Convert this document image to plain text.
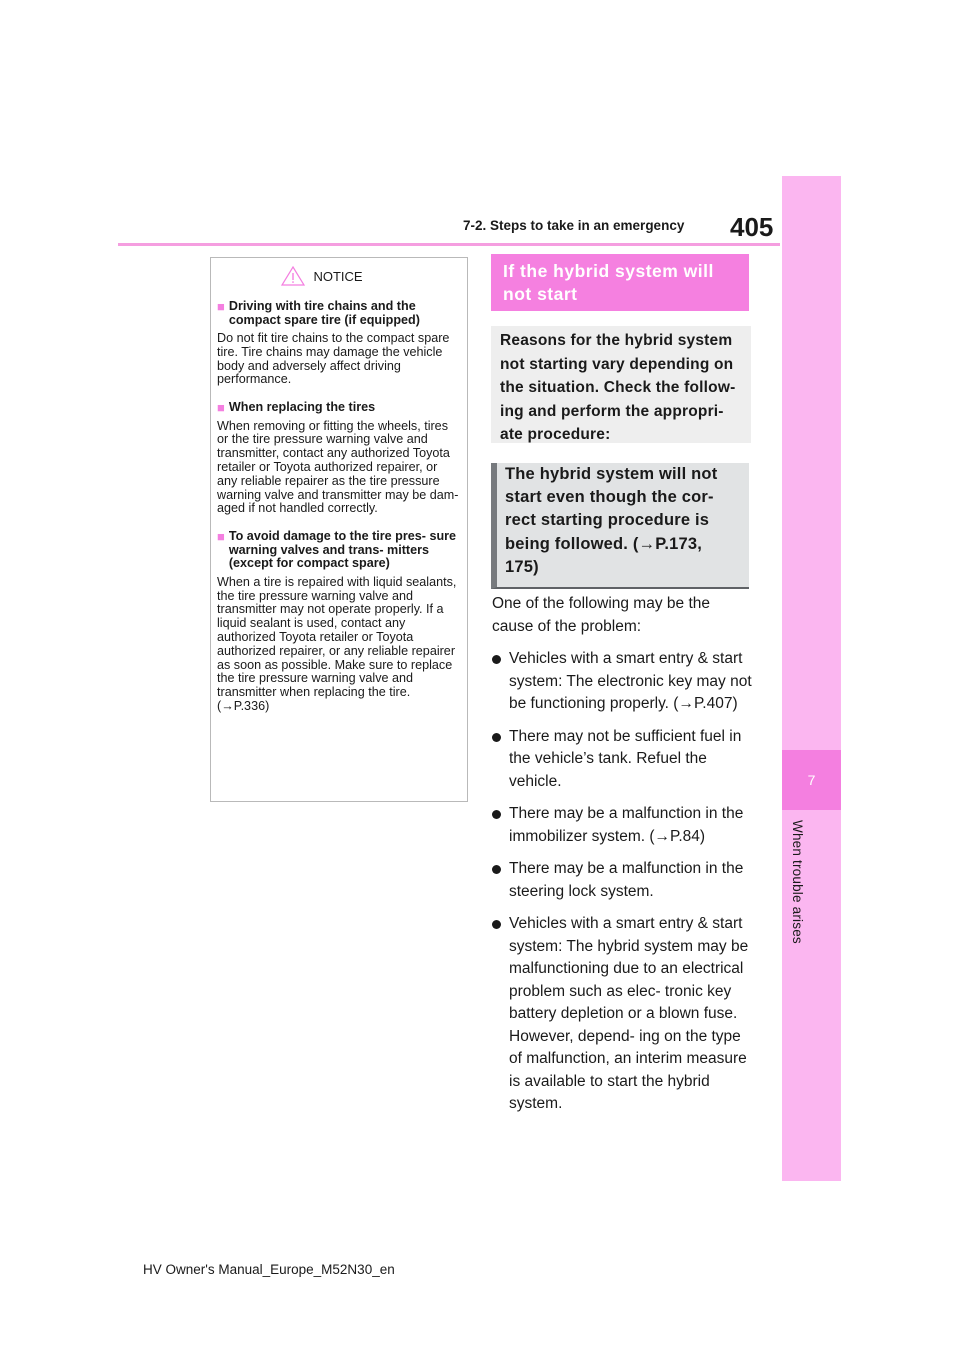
405
7-2. Steps to take in an emergency
7
When trouble arises
NOTICE
■ Driving with tire chains and the compact spare tire (if equipped)

Do not fit tire chains to the compact spare tire. Tire chains may damage the vehicle body and adversely affect driving performance.

■ When replacing the tires

When removing or fitting the wheels, tires or the tire pressure warning valve and transmitter, contact any authorized Toyota retailer or Toyota authorized repairer, or any reliable repairer as the tire pressure warning valve and transmitter may be dam- aged if not handled correctly.

■ To avoid damage to the tire pres- sure warning valves and trans- mitters (except for compact spare)

When a tire is repaired with liquid sealants, the tire pressure warning valve and transmitter may not operate properly. If a liquid sealant is used, contact any authorized Toyota retailer or Toyota authorized repairer, or any reliable repairer as soon as possible. Make sure to replace the tire pressure warning valve and transmitter when replacing the tire. (→P.336)

If the hybrid system will not start
Reasons for the hybrid system not starting vary depending on the situation. Check the follow- ing and perform the appropri- ate procedure:
The hybrid system will not start even though the cor- rect starting procedure is being followed. (→P.173, 175)

One of the following may be the cause of the problem:

Vehicles with a smart entry & start system: The electronic key may not be functioning properly. (→P.407)
There may not be sufficient fuel in the vehicle’s tank. Refuel the vehicle.
There may be a malfunction in the immobilizer system. (→P.84)
There may be a malfunction in the steering lock system.
Vehicles with a smart entry & start system: The hybrid system may be malfunctioning due to an electrical problem such as elec- tronic key battery depletion or a blown fuse. However, depend- ing on the type of malfunction, an interim measure is available to start the hybrid system.
HV Owner's Manual_Europe_M52N30_en
